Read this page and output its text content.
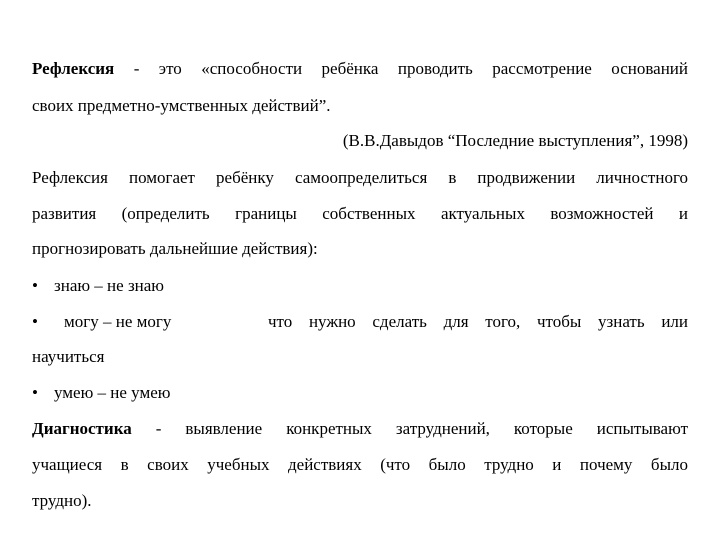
Рефлексия - это «способности ребёнка проводить рассмотрение оснований
своих предметно-умственных действий”.
(В.В.Давыдов “Последние выступления”, 1998)
Рефлексия помогает ребёнку самоопределиться в продвижении личностного
развития (определить границы собственных актуальных возможностей и
прогнозировать дальнейшие действия):
• знаю – не знаю
•	могу – не могу	что нужно сделать для того, чтобы узнать или
научиться
• умею – не умею
Диагностика - выявление конкретных затруднений, которые испытывают
учащиеся в своих учебных действиях (что было трудно и почему было
трудно).
